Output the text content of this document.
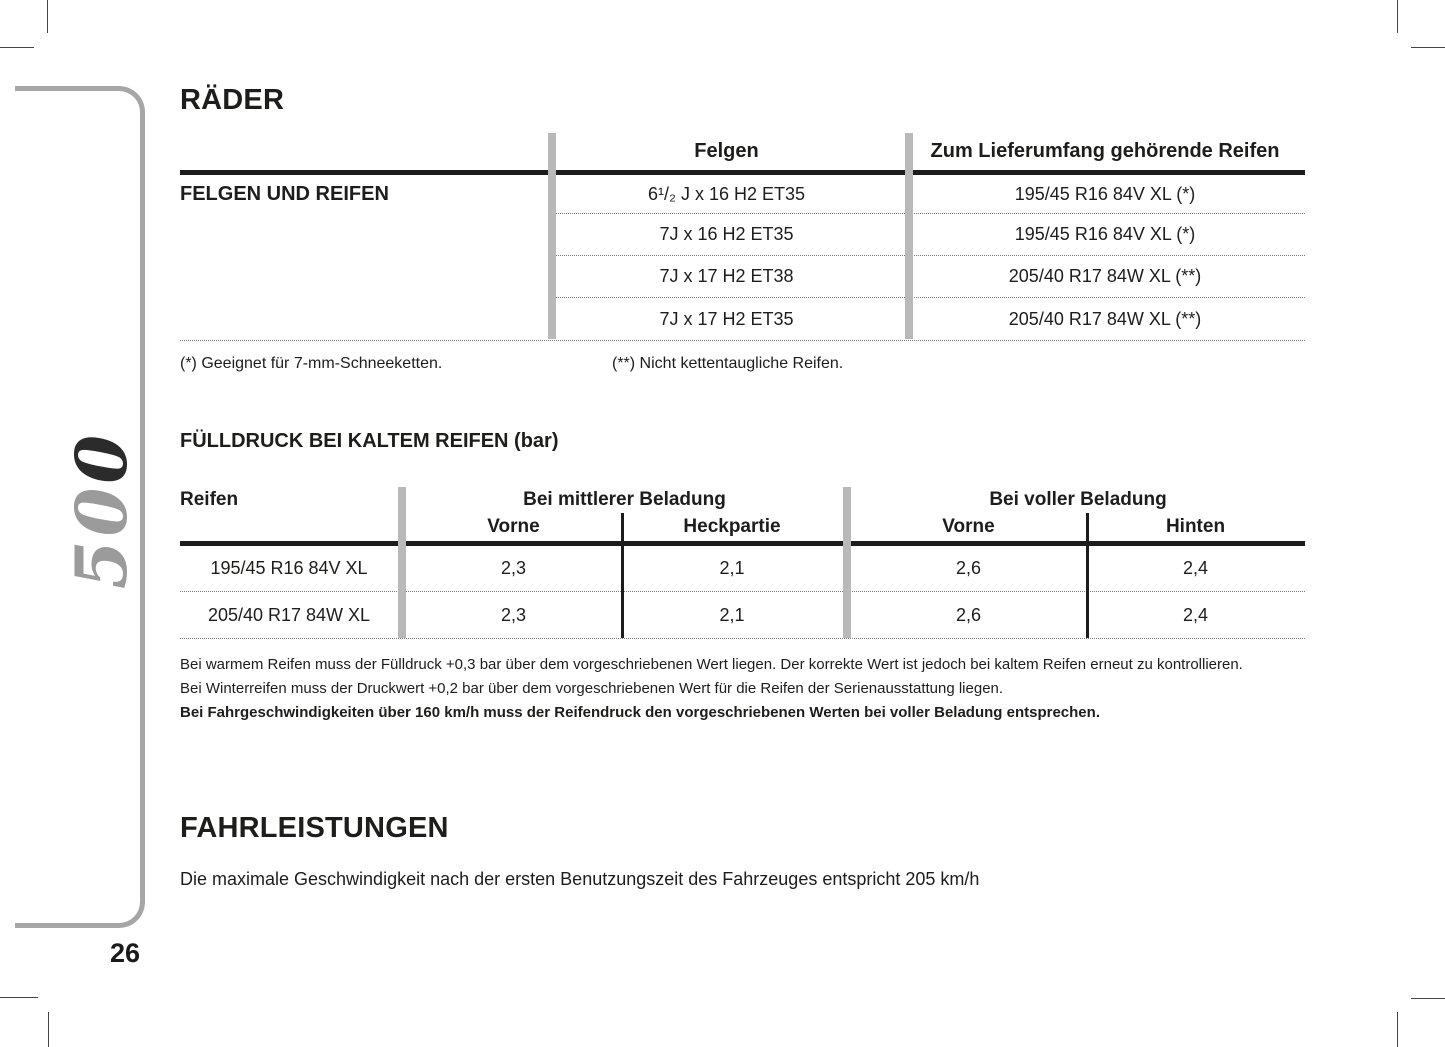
500
26
RÄDER
Felgen	Zum Lieferumfang gehörende Reifen
FELGEN UND REIFEN	6¹/₂ J x 16 H2 ET35	195/45 R16 84V XL (*)
7J x 16 H2 ET35	195/45 R16 84V XL (*)
7J x 17 H2 ET38	205/40 R17 84W XL (**)
7J x 17 H2 ET35	205/40 R17 84W XL (**)
(*) Geeignet für 7-mm-Schneeketten.	(**) Nicht kettentaugliche Reifen.
FÜLLDRUCK BEI KALTEM REIFEN (bar)
Reifen	Bei mittlerer Beladung	Bei voller Beladung
Vorne	Heckpartie	Vorne	Hinten
195/45 R16 84V XL	2,3	2,1	2,6	2,4
205/40 R17 84W XL	2,3	2,1	2,6	2,4
Bei warmem Reifen muss der Fülldruck +0,3 bar über dem vorgeschriebenen Wert liegen. Der korrekte Wert ist jedoch bei kaltem Reifen erneut zu kontrollieren.
Bei Winterreifen muss der Druckwert +0,2 bar über dem vorgeschriebenen Wert für die Reifen der Serienausstattung liegen.
Bei Fahrgeschwindigkeiten über 160 km/h muss der Reifendruck den vorgeschriebenen Werten bei voller Beladung entsprechen.
FAHRLEISTUNGEN
Die maximale Geschwindigkeit nach der ersten Benutzungszeit des Fahrzeuges entspricht 205 km/h
